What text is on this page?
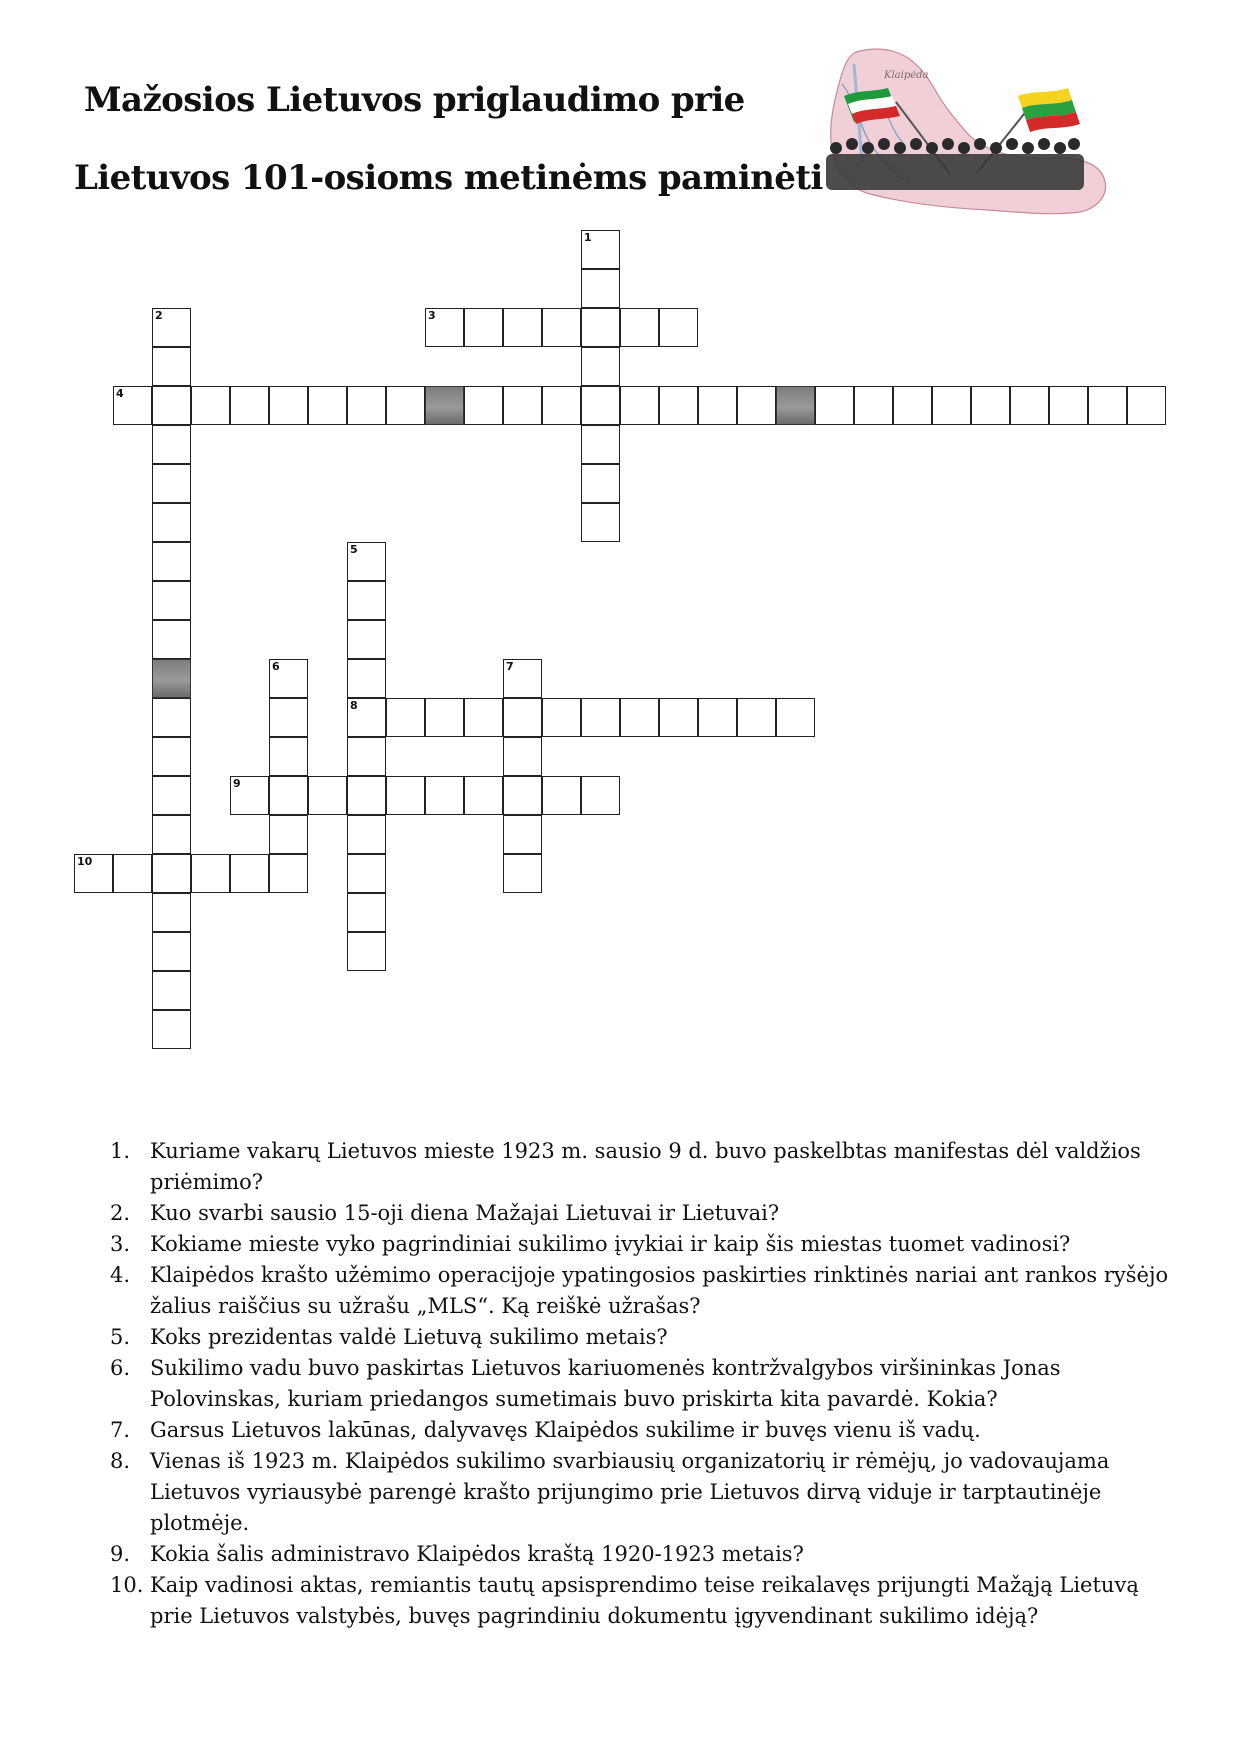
Mažosios Lietuvos priglaudimo prie
Lietuvos 101-osioms metinėms paminėti
Klaipėda
1
2	3
4
5
8
6	7
9
10
1. Kuriame vakarų Lietuvos mieste 1923 m. sausio 9 d. buvo paskelbtas manifestas dėl valdžios priėmimo?
2. Kuo svarbi sausio 15-oji diena Mažajai Lietuvai ir Lietuvai?
3. Kokiame mieste vyko pagrindiniai sukilimo įvykiai ir kaip šis miestas tuomet vadinosi?
4. Klaipėdos krašto užėmimo operacijoje ypatingosios paskirties rinktinės nariai ant rankos ryšėjo žalius raiščius su užrašu „MLS“. Ką reiškė užrašas?
5. Koks prezidentas valdė Lietuvą sukilimo metais?
6. Sukilimo vadu buvo paskirtas Lietuvos kariuomenės kontržvalgybos viršininkas Jonas Polovinskas, kuriam priedangos sumetimais buvo priskirta kita pavardė. Kokia?
7. Garsus Lietuvos lakūnas, dalyvavęs Klaipėdos sukilime ir buvęs vienu iš vadų.
8. Vienas iš 1923 m. Klaipėdos sukilimo svarbiausių organizatorių ir rėmėjų, jo vadovaujama Lietuvos vyriausybė parengė krašto prijungimo prie Lietuvos dirvą viduje ir tarptautinėje plotmėje.
9. Kokia šalis administravo Klaipėdos kraštą 1920-1923 metais?
10. Kaip vadinosi aktas, remiantis tautų apsisprendimo teise reikalavęs prijungti Mažąją Lietuvą prie Lietuvos valstybės, buvęs pagrindiniu dokumentu įgyvendinant sukilimo idėją?
